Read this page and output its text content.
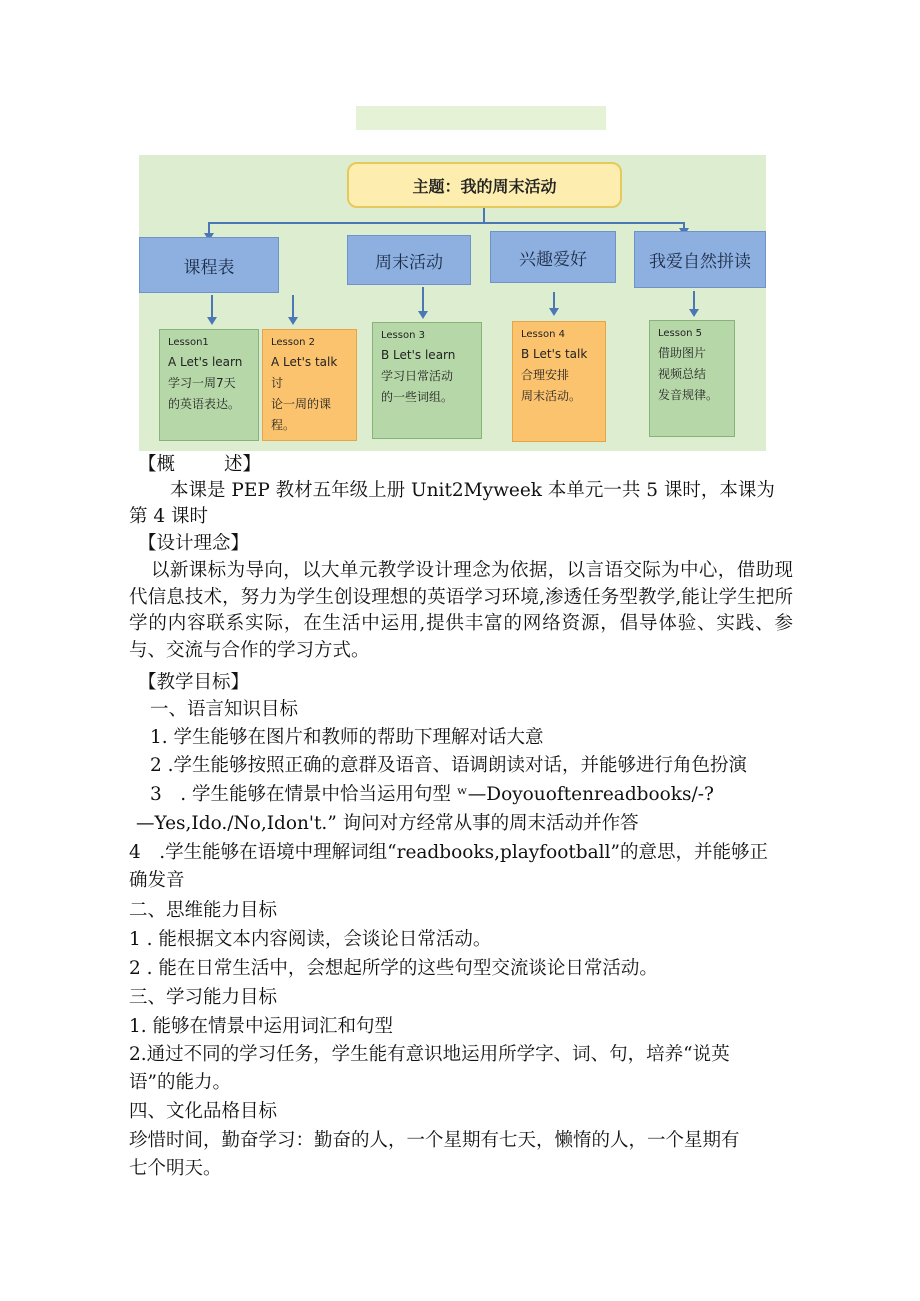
主题：我的周末活动
课程表	周末活动	兴趣爱好	我爱自然拼读
Lesson1
A Let's learn
学习一周7天
的英语表达。
Lesson 2
A Let's talk 讨
论一周的课
程。
Lesson 3
B Let's learn
学习日常活动
的一些词组。
Lesson 4
B Let's talk
合理安排
周末活动。
Lesson 5
借助图片
视频总结
发音规律。
【概	述】
本课是 PEP 教材五年级上册 Unit2Myweek 本单元一共 5 课时，本课为
第 4 课时
【设计理念】
以新课标为导向，以大单元教学设计理念为依据，以言语交际为中心，借助现代信息技术，努力为学生创设理想的英语学习环境,渗透任务型教学,能让学生把所学的内容联系实际，在生活中运用,提供丰富的网络资源，倡导体验、实践、参与、交流与合作的学习方式。
【教学目标】
一、语言知识目标
1. 学生能够在图片和教师的帮助下理解对话大意
2 .学生能够按照正确的意群及语音、语调朗读对话，并能够进行角色扮演
3　. 学生能够在情景中恰当运用句型 ʷ—Doyouoftenreadbooks/-?
—Yes,Ido./No,Idon't.” 询问对方经常从事的周末活动并作答
4　.学生能够在语境中理解词组“readbooks,playfootball”的意思，并能够正
确发音
二、思维能力目标
1 . 能根据文本内容阅读，会谈论日常活动。
2 . 能在日常生活中，会想起所学的这些句型交流谈论日常活动。
三、学习能力目标
1. 能够在情景中运用词汇和句型
2.通过不同的学习任务，学生能有意识地运用所学字、词、句，培养“说英
语”的能力。
四、文化品格目标
珍惜时间，勤奋学习：勤奋的人，一个星期有七天，懒惰的人，一个星期有
七个明天。
